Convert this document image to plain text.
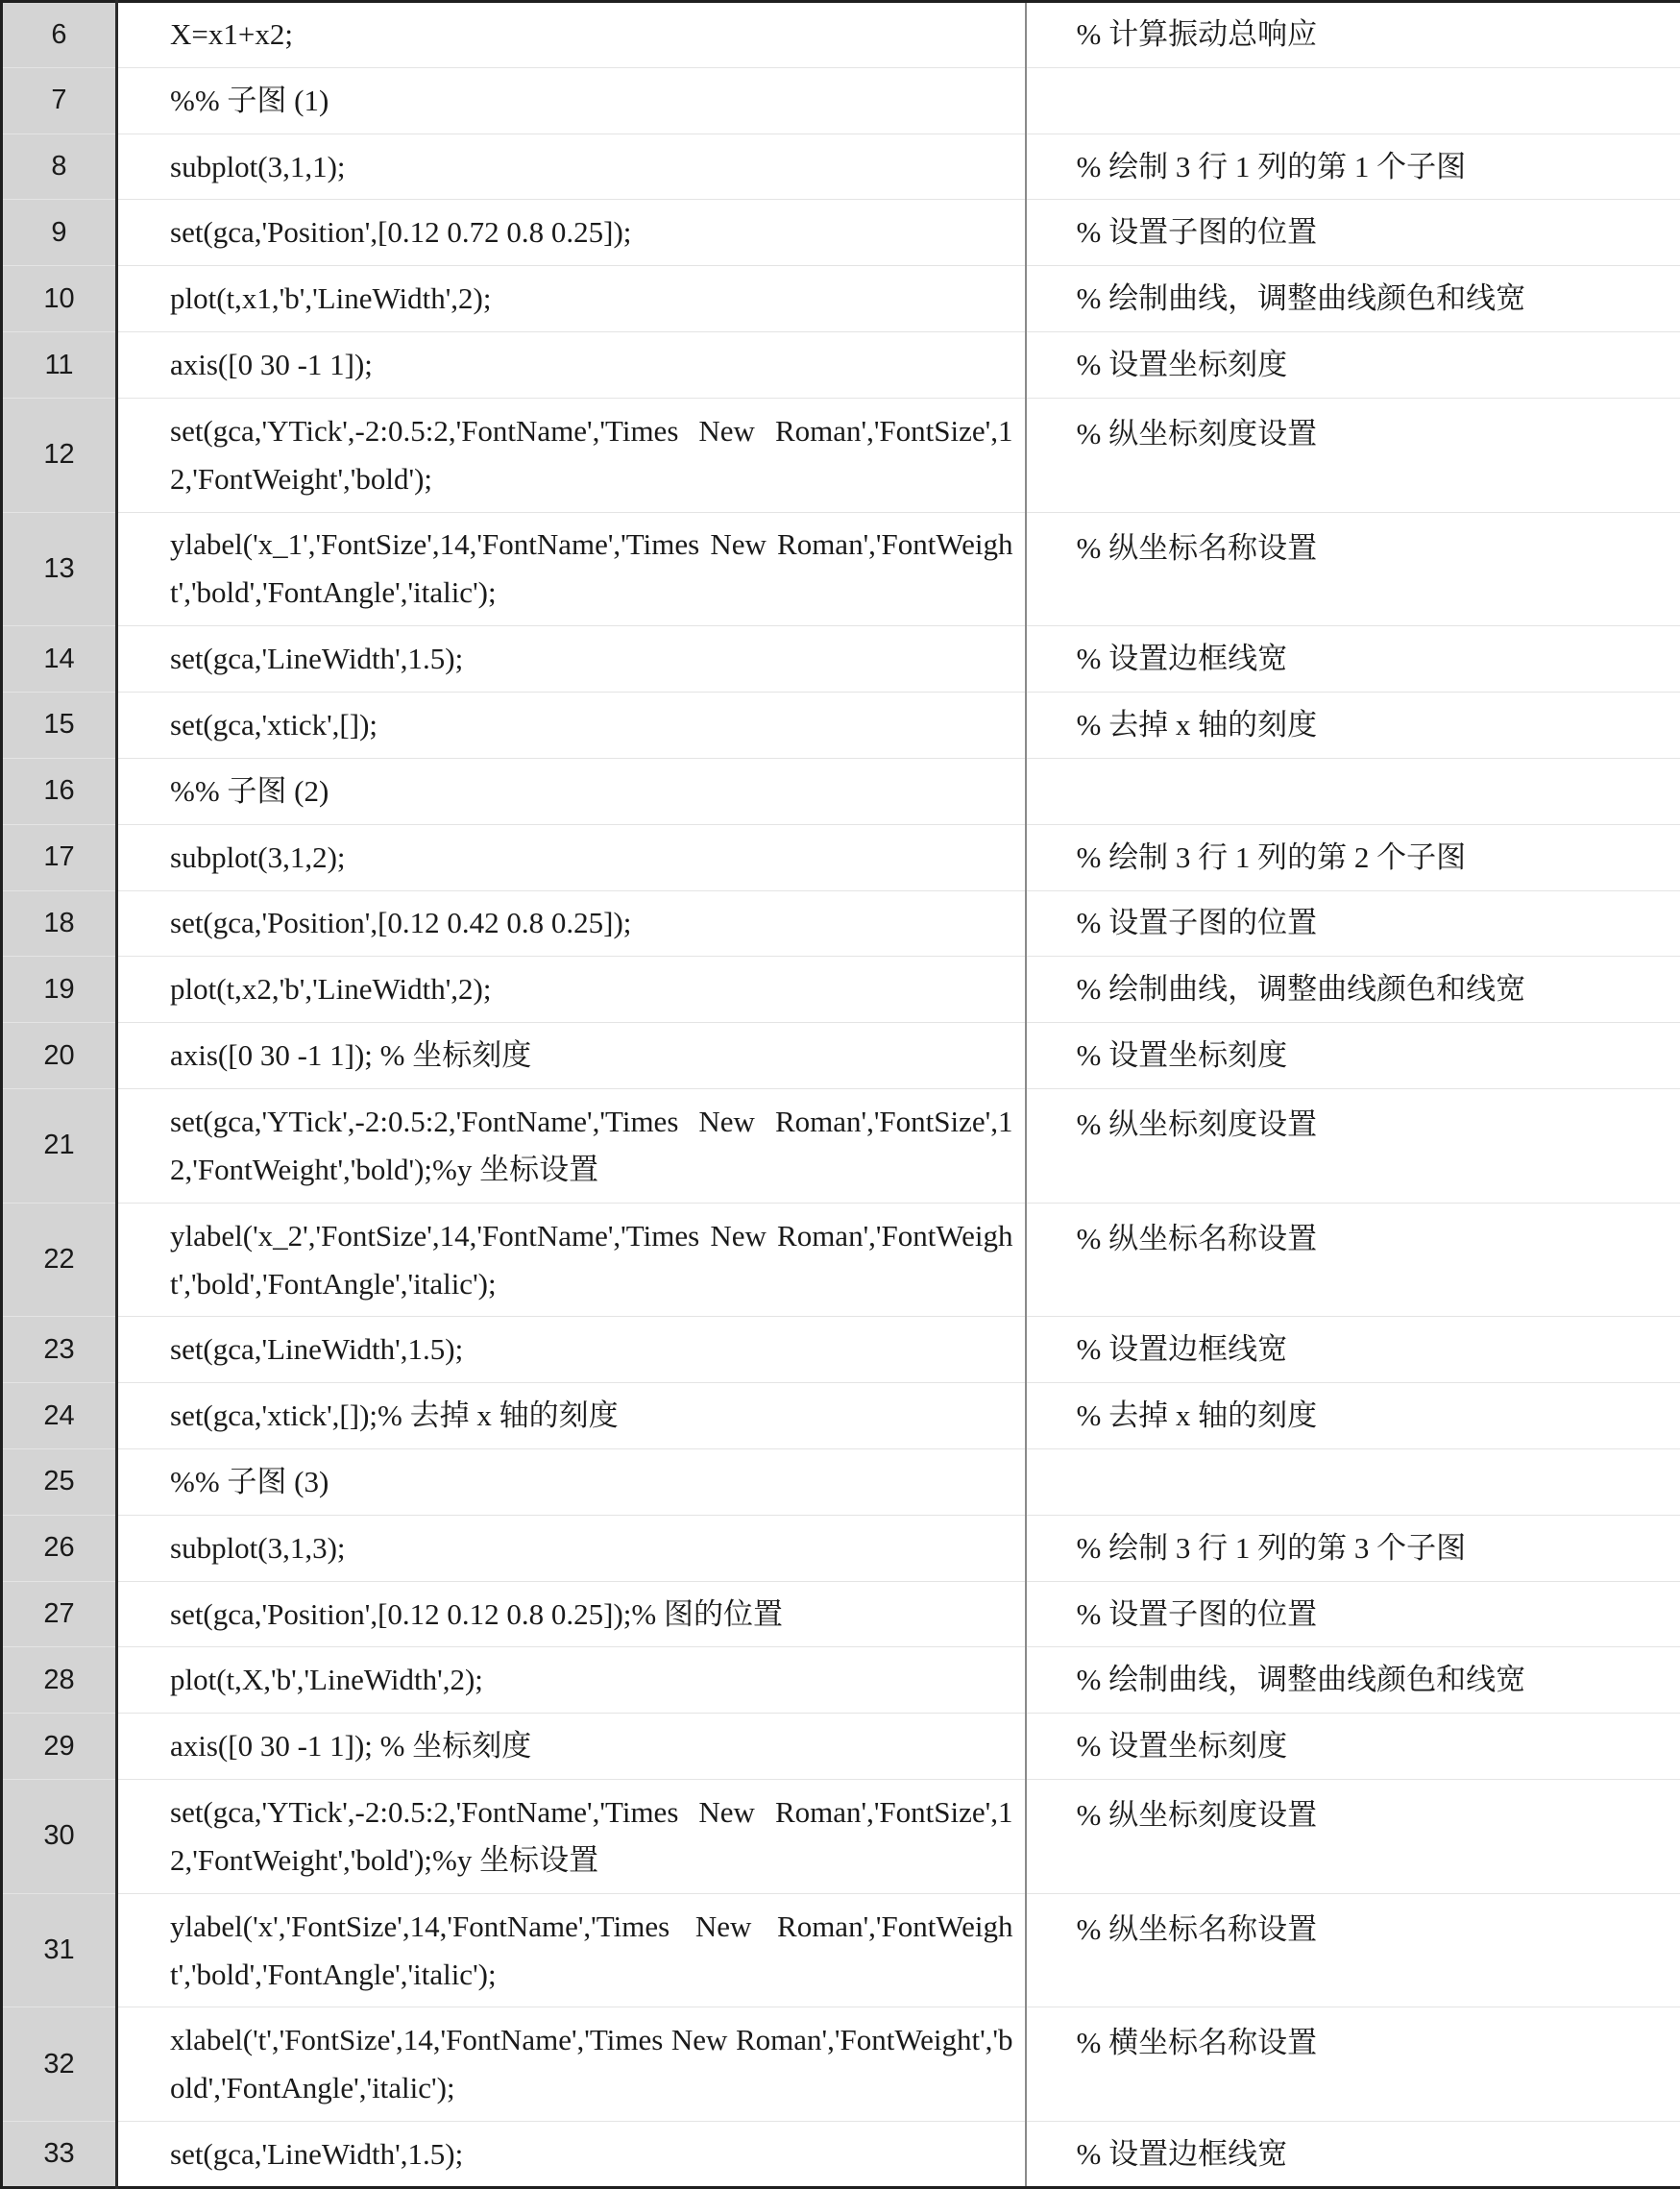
6	X=x1+x2;	% 计算振动总响应
7	%% 子图 (1)	
8	subplot(3,1,1);	% 绘制 3 行 1 列的第 1 个子图
9	set(gca,'Position',[0.12 0.72 0.8 0.25]);	% 设置子图的位置
10	plot(t,x1,'b','LineWidth',2);	% 绘制曲线，调整曲线颜色和线宽
11	axis([0 30 -1 1]);	% 设置坐标刻度
12	set(gca,'YTick',-2:0.5:2,'FontName','Times New Roman','FontSize',12,'FontWeight','bold');	% 纵坐标刻度设置
13	ylabel('x_1','FontSize',14,'FontName','Times New Roman','FontWeight','bold','FontAngle','italic');	% 纵坐标名称设置
14	set(gca,'LineWidth',1.5);	% 设置边框线宽
15	set(gca,'xtick',[]);	% 去掉 x 轴的刻度
16	%% 子图 (2)	
17	subplot(3,1,2);	% 绘制 3 行 1 列的第 2 个子图
18	set(gca,'Position',[0.12 0.42 0.8 0.25]);	% 设置子图的位置
19	plot(t,x2,'b','LineWidth',2);	% 绘制曲线，调整曲线颜色和线宽
20	axis([0 30 -1 1]); % 坐标刻度	% 设置坐标刻度
21	set(gca,'YTick',-2:0.5:2,'FontName','Times New Roman','FontSize',12,'FontWeight','bold');%y 坐标设置	% 纵坐标刻度设置
22	ylabel('x_2','FontSize',14,'FontName','Times New Roman','FontWeight','bold','FontAngle','italic');	% 纵坐标名称设置
23	set(gca,'LineWidth',1.5);	% 设置边框线宽
24	set(gca,'xtick',[]);% 去掉 x 轴的刻度	% 去掉 x 轴的刻度
25	%% 子图 (3)	
26	subplot(3,1,3);	% 绘制 3 行 1 列的第 3 个子图
27	set(gca,'Position',[0.12 0.12 0.8 0.25]);% 图的位置	% 设置子图的位置
28	plot(t,X,'b','LineWidth',2);	% 绘制曲线，调整曲线颜色和线宽
29	axis([0 30 -1 1]); % 坐标刻度	% 设置坐标刻度
30	set(gca,'YTick',-2:0.5:2,'FontName','Times New Roman','FontSize',12,'FontWeight','bold');%y 坐标设置	% 纵坐标刻度设置
31	ylabel('x','FontSize',14,'FontName','Times New Roman','FontWeight','bold','FontAngle','italic');	% 纵坐标名称设置
32	xlabel('t','FontSize',14,'FontName','Times New Roman','FontWeight','bold','FontAngle','italic');	% 横坐标名称设置
33	set(gca,'LineWidth',1.5);	% 设置边框线宽
